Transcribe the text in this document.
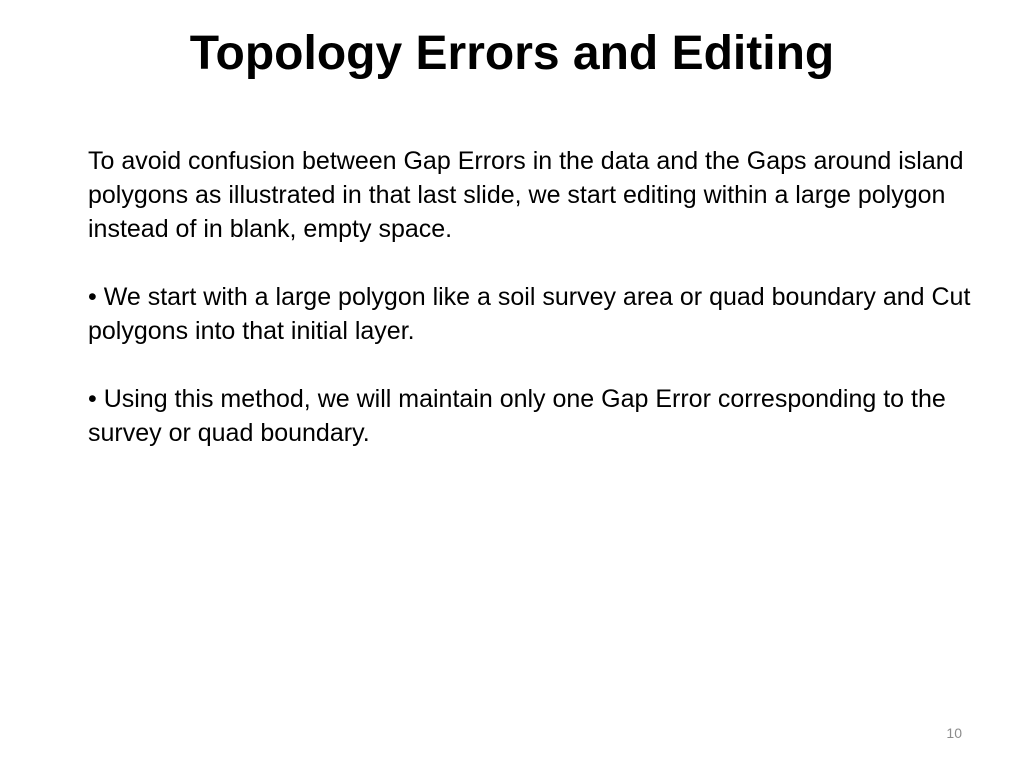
Topology Errors and Editing

To avoid confusion between Gap Errors in the data and the Gaps around island polygons as illustrated in that last slide, we start editing within a large polygon instead of in blank, empty space.

• We start with a large polygon like a soil survey area or quad boundary and Cut polygons into that initial layer.

• Using this method, we will maintain only one Gap Error corresponding to the survey or quad boundary.

10
